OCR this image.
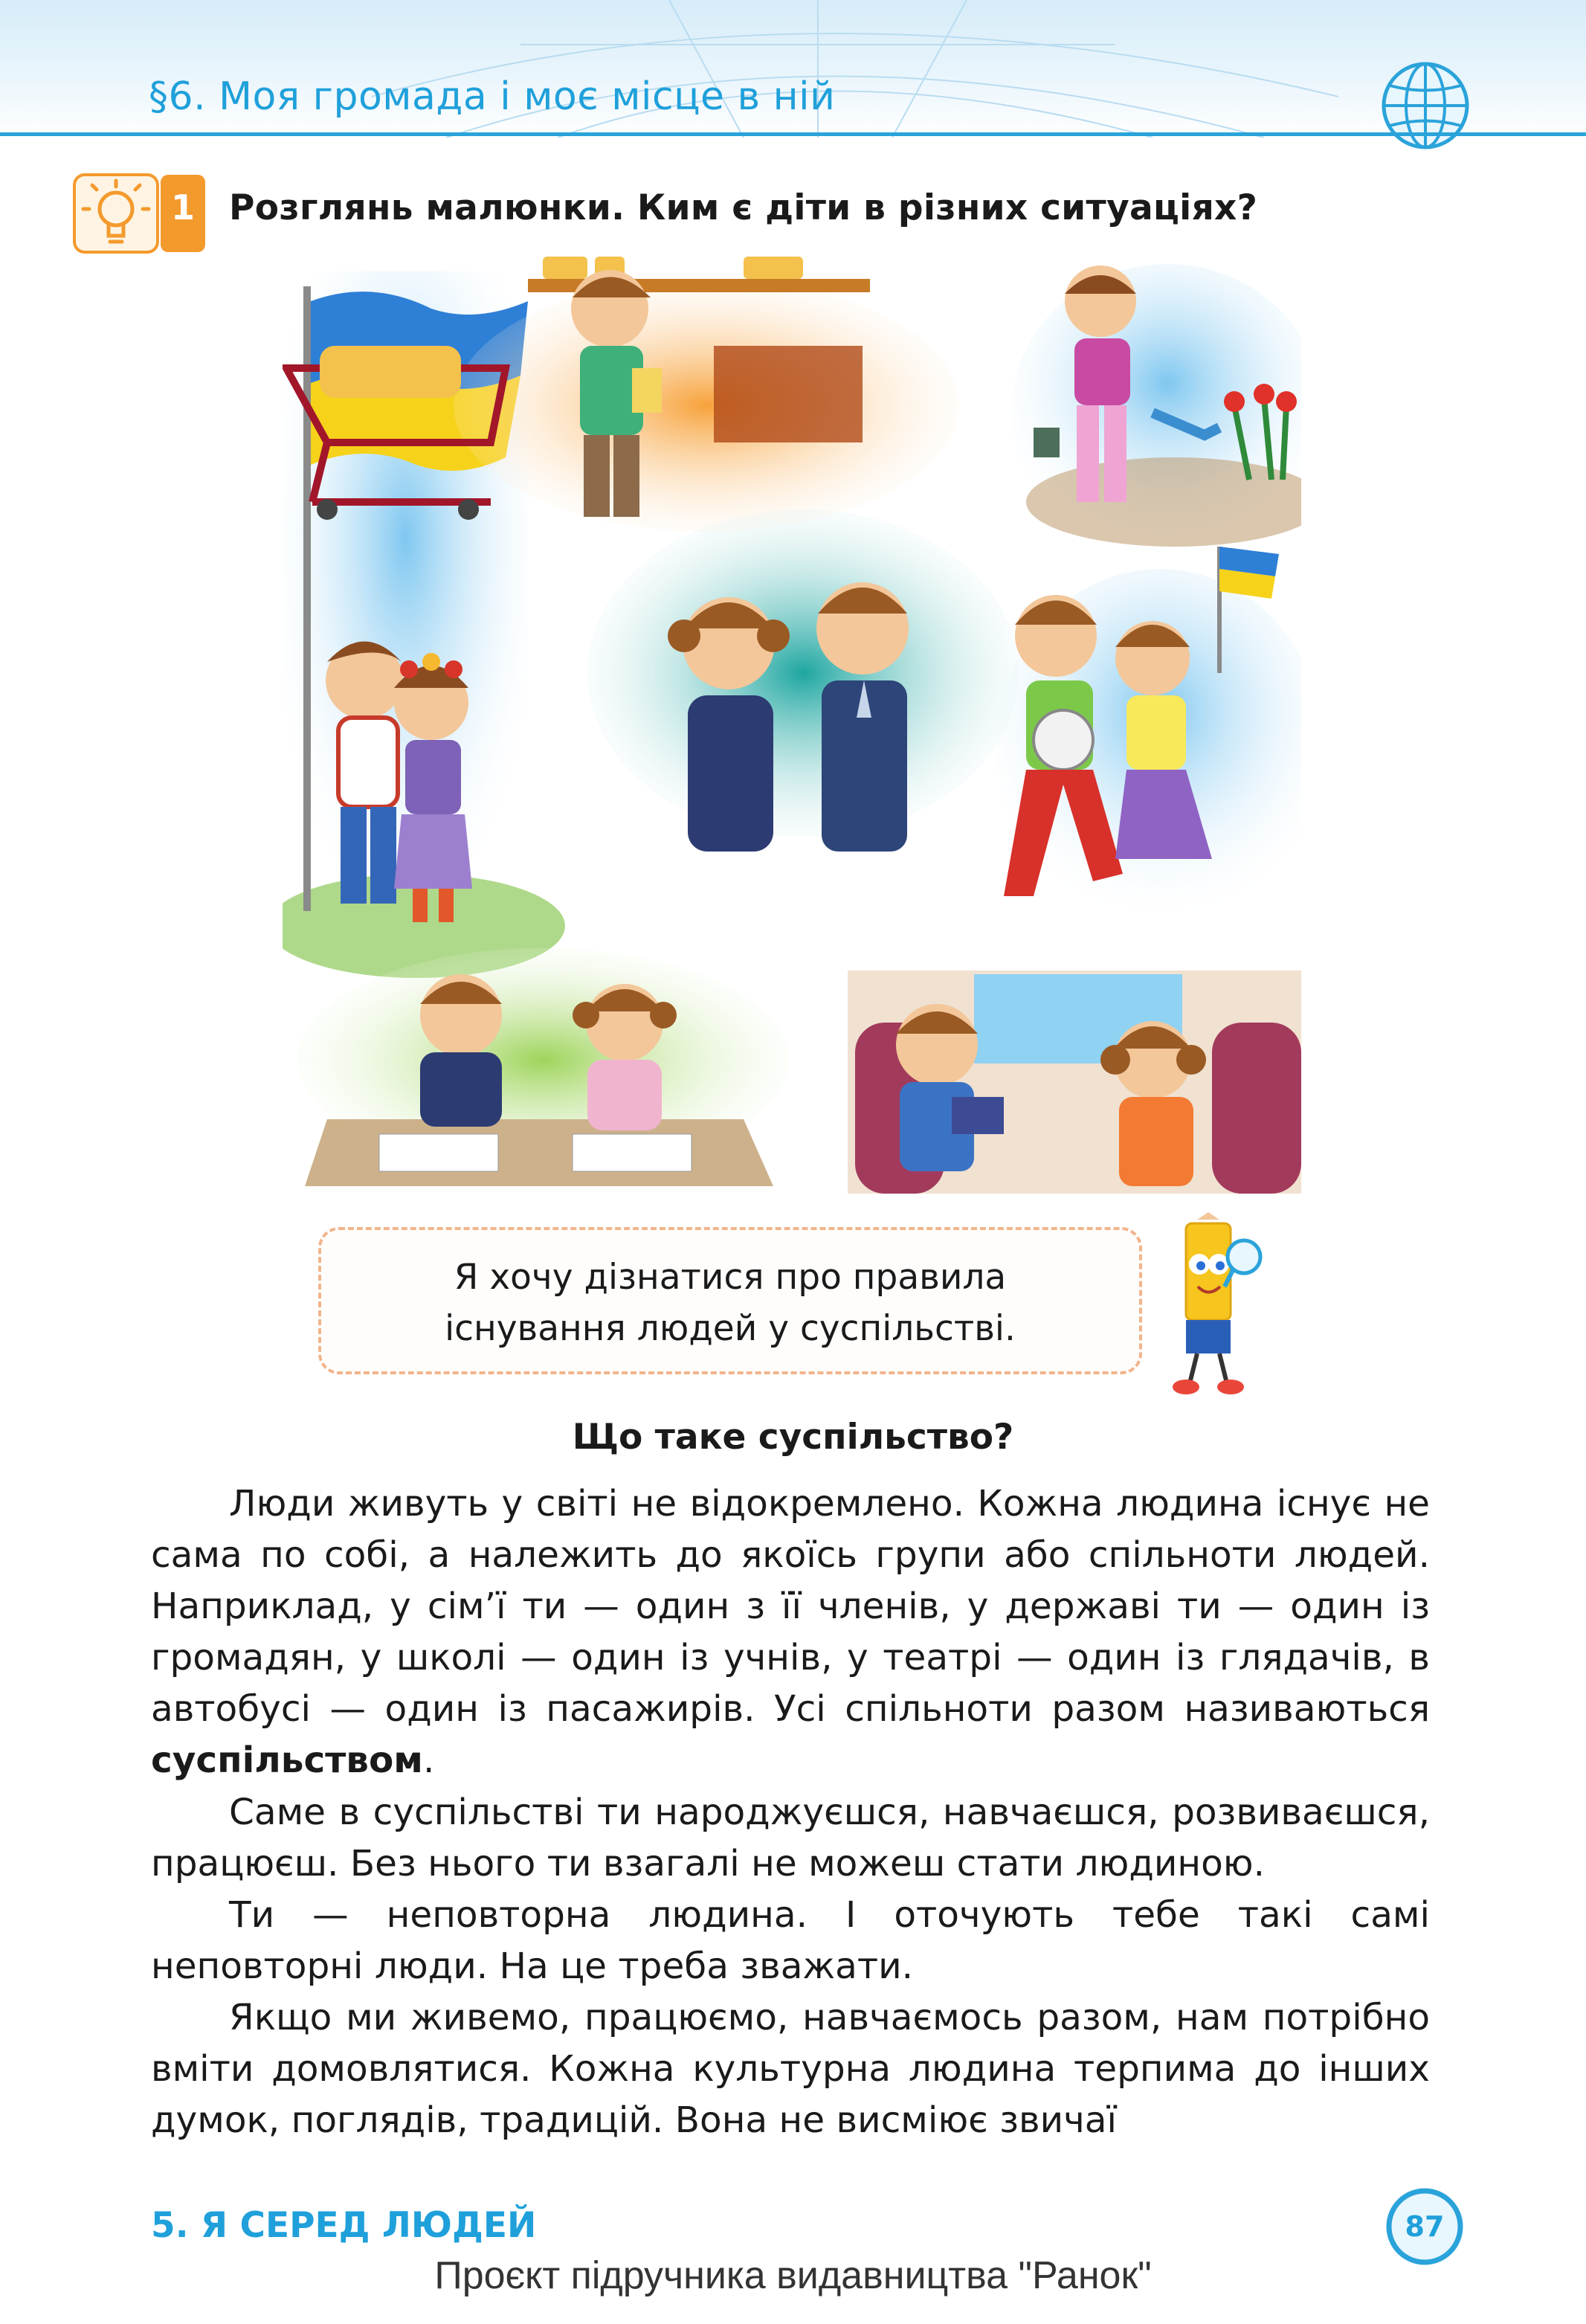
§6. Моя громада і моє місце в ній
1 Розглянь малюнки. Ким є діти в різних ситуаціях?
Я хочу дізнатися про правила
існування людей у суспільстві.
Що таке суспільство?
Люди живуть у світі не відокремлено. Кожна людина існує не сама по собі, а належить до якоїсь групи або спільноти людей. Наприклад, у сім’ї ти — один з її членів, у державі ти — один із громадян, у школі — один із учнів, у театрі — один із глядачів, в автобусі — один із пасажирів. Усі спільноти разом називаються суспільством.
Саме в суспільстві ти народжуєшся, навчаєшся, розвиваєшся, працюєш. Без нього ти взагалі не можеш стати людиною.
Ти — неповторна людина. І оточують тебе такі самі неповторні люди. На це треба зважати.
Якщо ми живемо, працюємо, навчаємось разом, нам потрібно вміти домовлятися. Кожна культурна людина терпима до інших думок, поглядів, традицій. Вона не висміює звичаї
5. Я СЕРЕД ЛЮДЕЙ	87
Проєкт підручника видавництва "Ранок"
